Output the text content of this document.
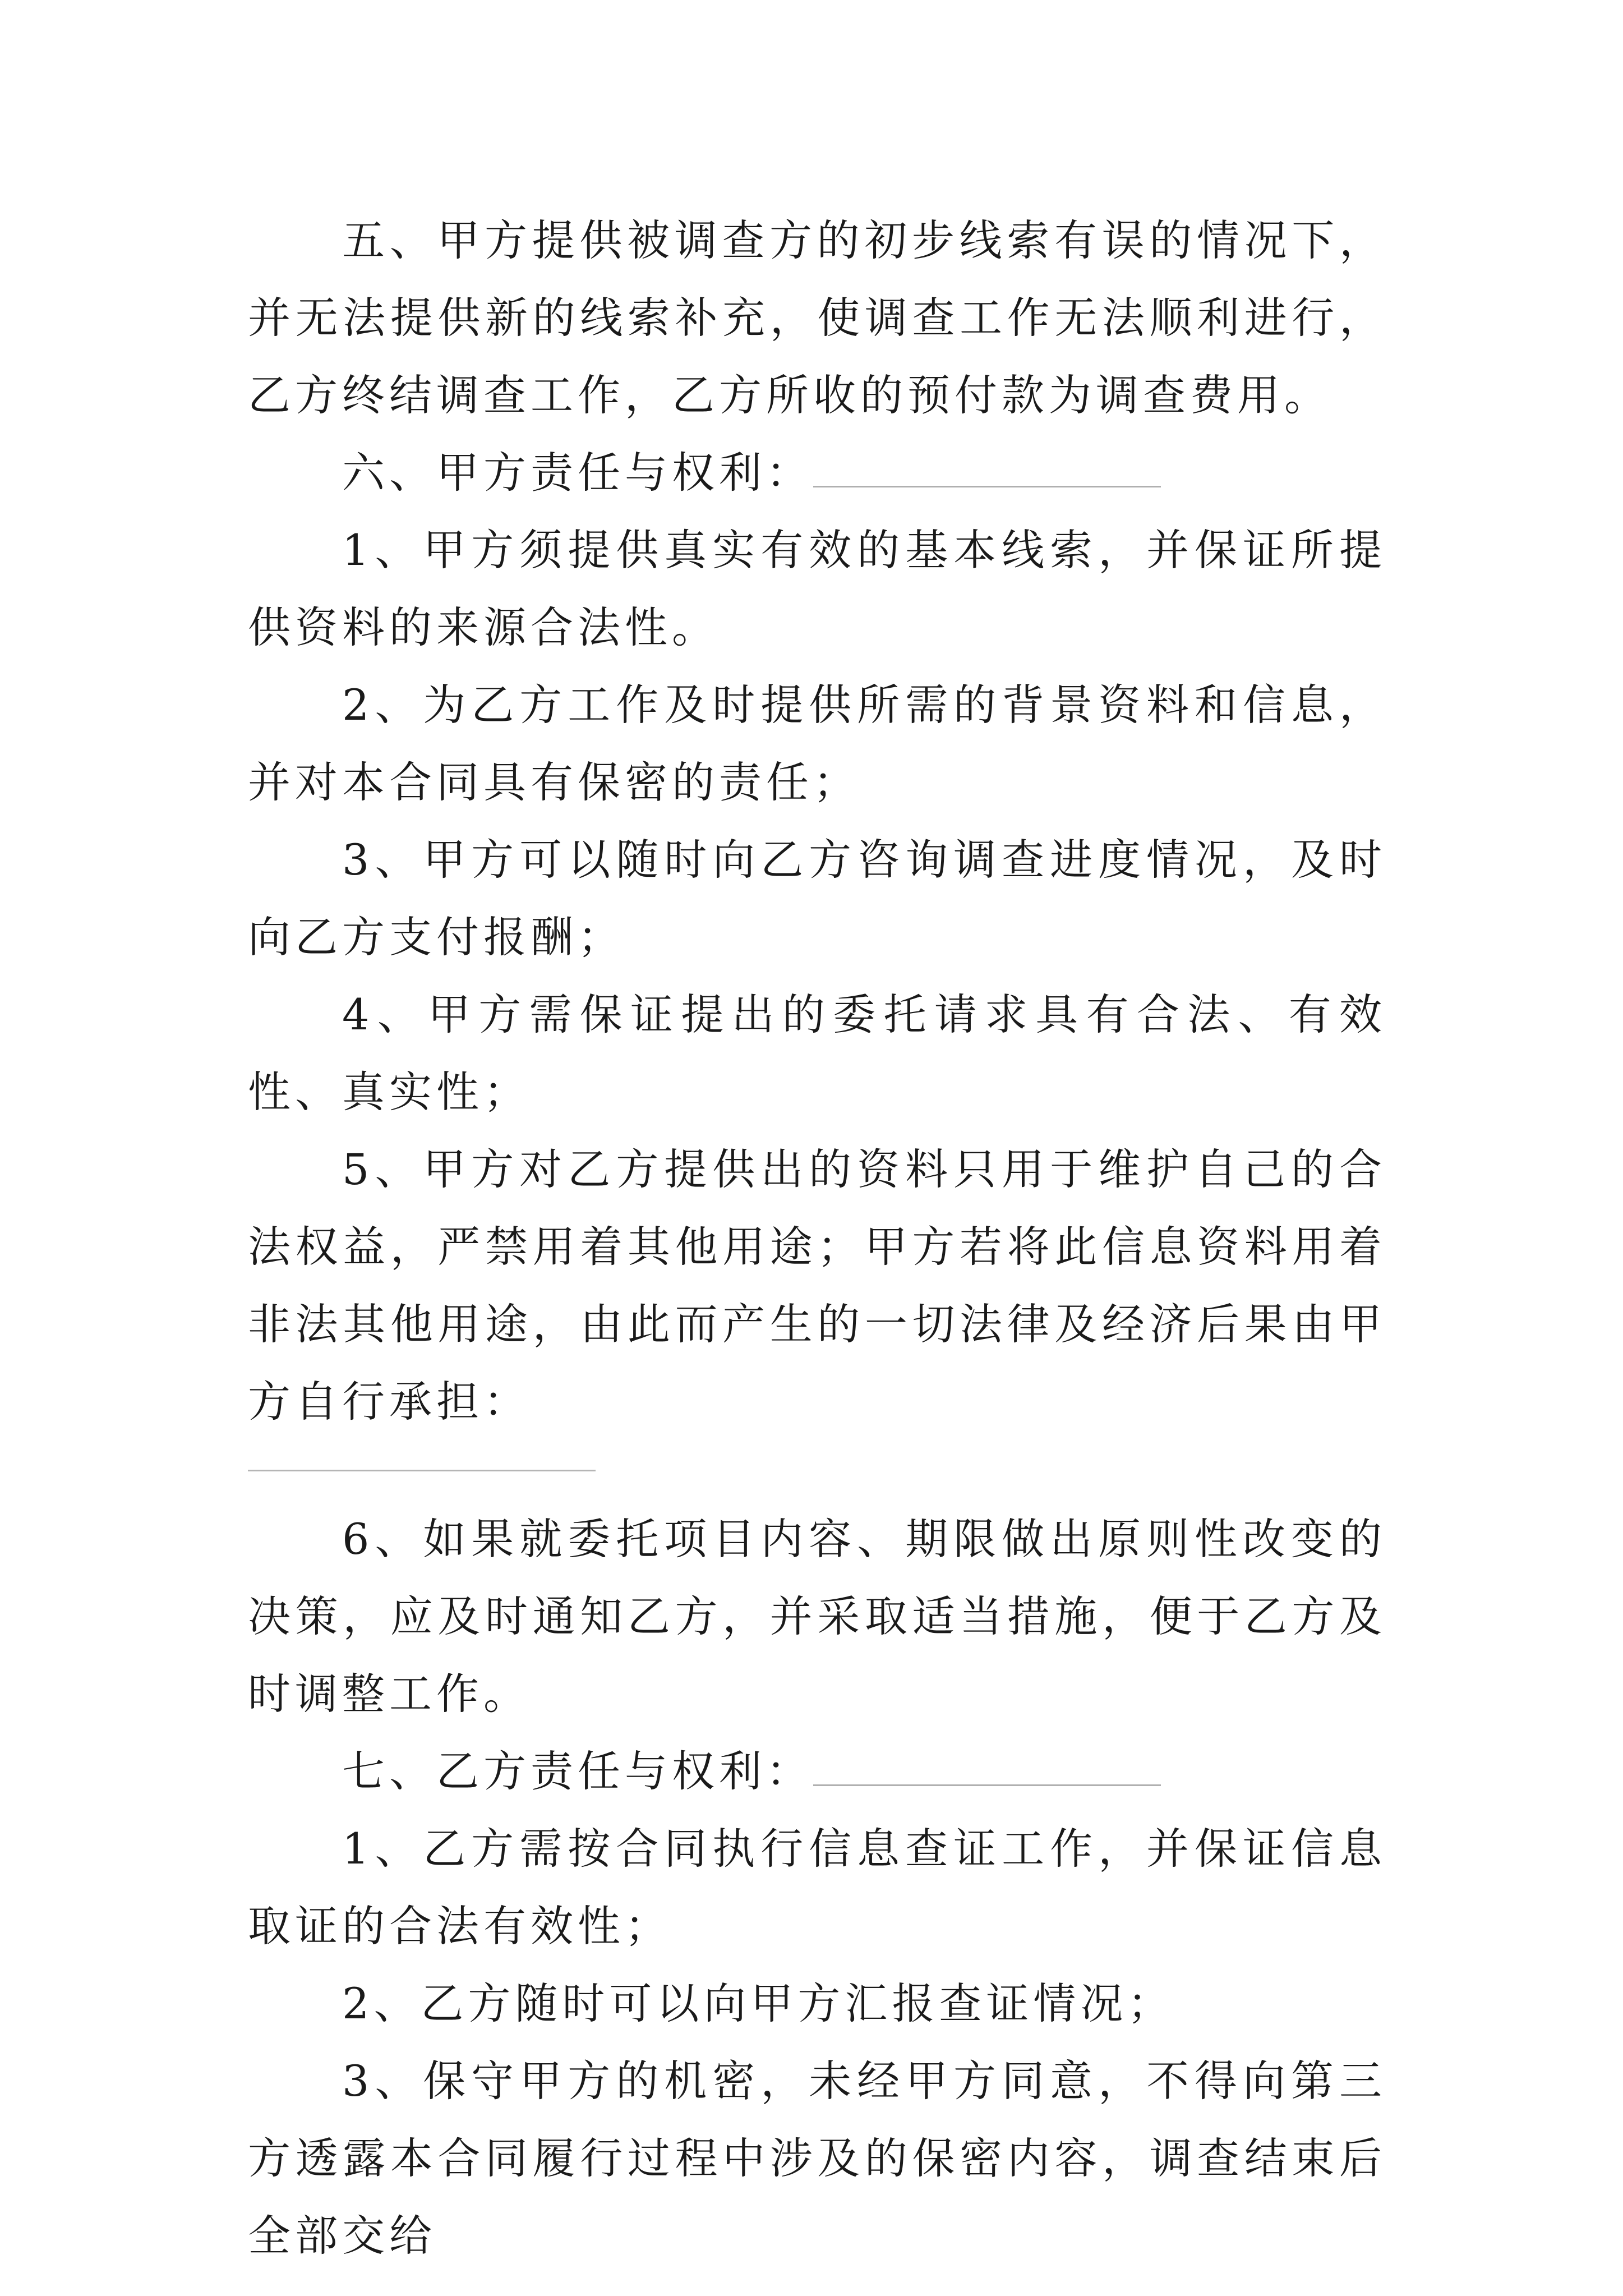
五、甲方提供被调查方的初步线索有误的情况下，并无法提供新的线索补充，使调查工作无法顺利进行，乙方终结调查工作，乙方所收的预付款为调查费用。

六、甲方责任与权利：

1、甲方须提供真实有效的基本线索，并保证所提供资料的来源合法性。

2、为乙方工作及时提供所需的背景资料和信息，并对本合同具有保密的责任；

3、甲方可以随时向乙方咨询调查进度情况，及时向乙方支付报酬；

4、甲方需保证提出的委托请求具有合法、有效性、真实性；

5、甲方对乙方提供出的资料只用于维护自己的合法权益，严禁用着其他用途；甲方若将此信息资料用着非法其他用途，由此而产生的一切法律及经济后果由甲方自行承担：

6、如果就委托项目内容、期限做出原则性改变的决策，应及时通知乙方，并采取适当措施，便于乙方及时调整工作。

七、乙方责任与权利：

1、乙方需按合同执行信息查证工作，并保证信息取证的合法有效性；

2、乙方随时可以向甲方汇报查证情况；

3、保守甲方的机密，未经甲方同意，不得向第三方透露本合同履行过程中涉及的保密内容，调查结束后全部交给
